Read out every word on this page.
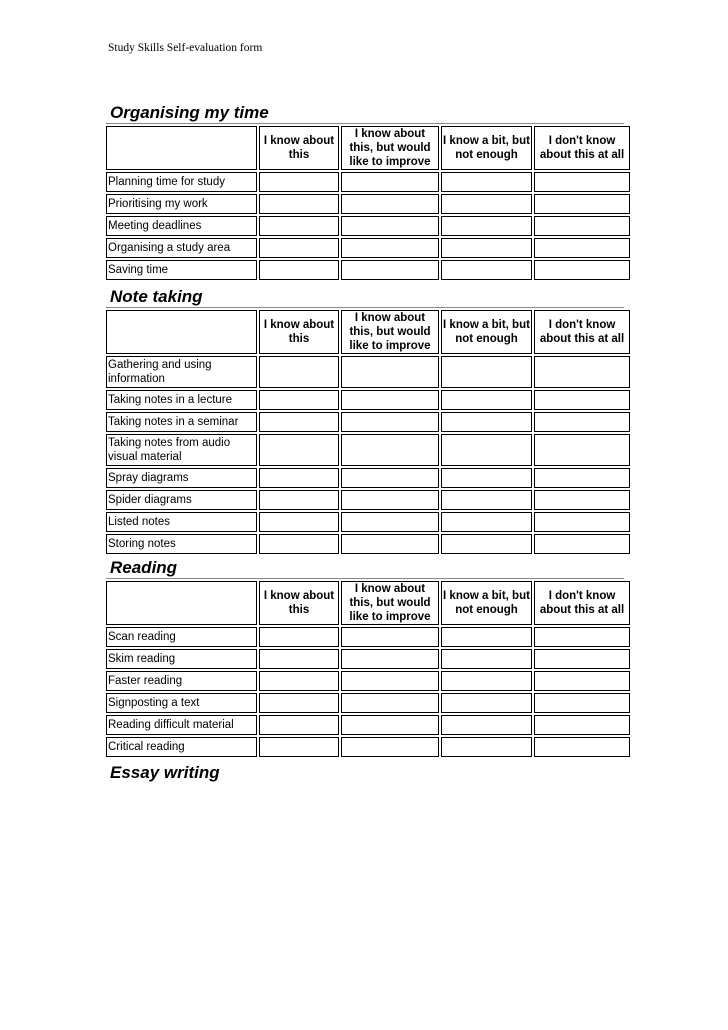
Study Skills Self-evaluation form
Organising my time
	I know about this	I know about this, but would like to improve	I know a bit, but not enough	I don't know about this at all
Planning time for study				
Prioritising my work				
Meeting deadlines				
Organising a study area				
Saving time				
Note taking
	I know about this	I know about this, but would like to improve	I know a bit, but not enough	I don't know about this at all
Gathering and using information				
Taking notes in a lecture				
Taking notes in a seminar				
Taking notes from audio visual material				
Spray diagrams				
Spider diagrams				
Listed notes				
Storing notes				
Reading
	I know about this	I know about this, but would like to improve	I know a bit, but not enough	I don't know about this at all
Scan reading				
Skim reading				
Faster reading				
Signposting a text				
Reading difficult material				
Critical reading				
Essay writing
